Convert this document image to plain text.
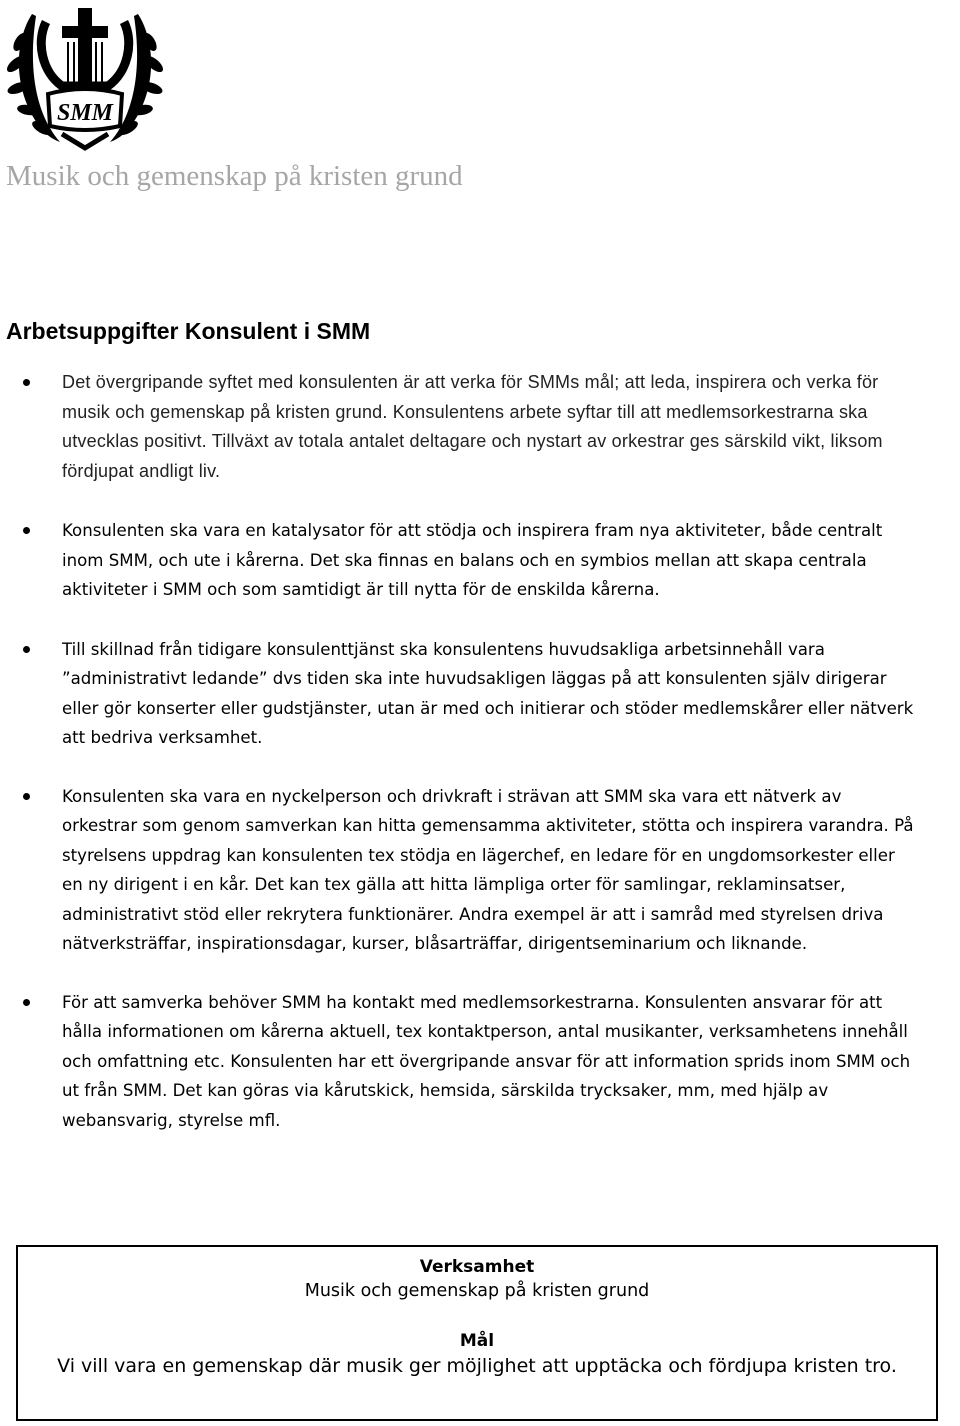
SMM
Musik och gemenskap på kristen grund
Arbetsuppgifter Konsulent i SMM
Det övergripande syftet med konsulenten är att verka för SMMs mål; att leda, inspirera och verka för musik och gemenskap på kristen grund. Konsulentens arbete syftar till att medlemsorkestrarna ska utvecklas positivt. Tillväxt av totala antalet deltagare och nystart av orkestrar ges särskild vikt, liksom fördjupat andligt liv.
Konsulenten ska vara en katalysator för att stödja och inspirera fram nya aktiviteter, både centralt inom SMM, och ute i kårerna. Det ska finnas en balans och en symbios mellan att skapa centrala aktiviteter i SMM och som samtidigt är till nytta för de enskilda kårerna.
Till skillnad från tidigare konsulenttjänst ska konsulentens huvudsakliga arbetsinnehåll vara ”administrativt ledande” dvs tiden ska inte huvudsakligen läggas på att konsulenten själv dirigerar eller gör konserter eller gudstjänster, utan är med och initierar och stöder medlemskårer eller nätverk att bedriva verksamhet.
Konsulenten ska vara en nyckelperson och drivkraft i strävan att SMM ska vara ett nätverk av orkestrar som genom samverkan kan hitta gemensamma aktiviteter, stötta och inspirera varandra. På styrelsens uppdrag kan konsulenten tex stödja en lägerchef, en ledare för en ungdomsorkester eller en ny dirigent i en kår. Det kan tex gälla att hitta lämpliga orter för samlingar, reklaminsatser, administrativt stöd eller rekrytera funktionärer. Andra exempel är att i samråd med styrelsen driva nätverksträffar, inspirationsdagar, kurser, blåsarträffar, dirigentseminarium och liknande.
För att samverka behöver SMM ha kontakt med medlemsorkestrarna. Konsulenten ansvarar för att hålla informationen om kårerna aktuell, tex kontaktperson, antal musikanter, verksamhetens innehåll och omfattning etc. Konsulenten har ett övergripande ansvar för att information sprids inom SMM och ut från SMM. Det kan göras via kårutskick, hemsida, särskilda trycksaker, mm, med hjälp av webansvarig, styrelse mfl.
Verksamhet
Musik och gemenskap på kristen grund
Mål
Vi vill vara en gemenskap där musik ger möjlighet att upptäcka och fördjupa kristen tro.
